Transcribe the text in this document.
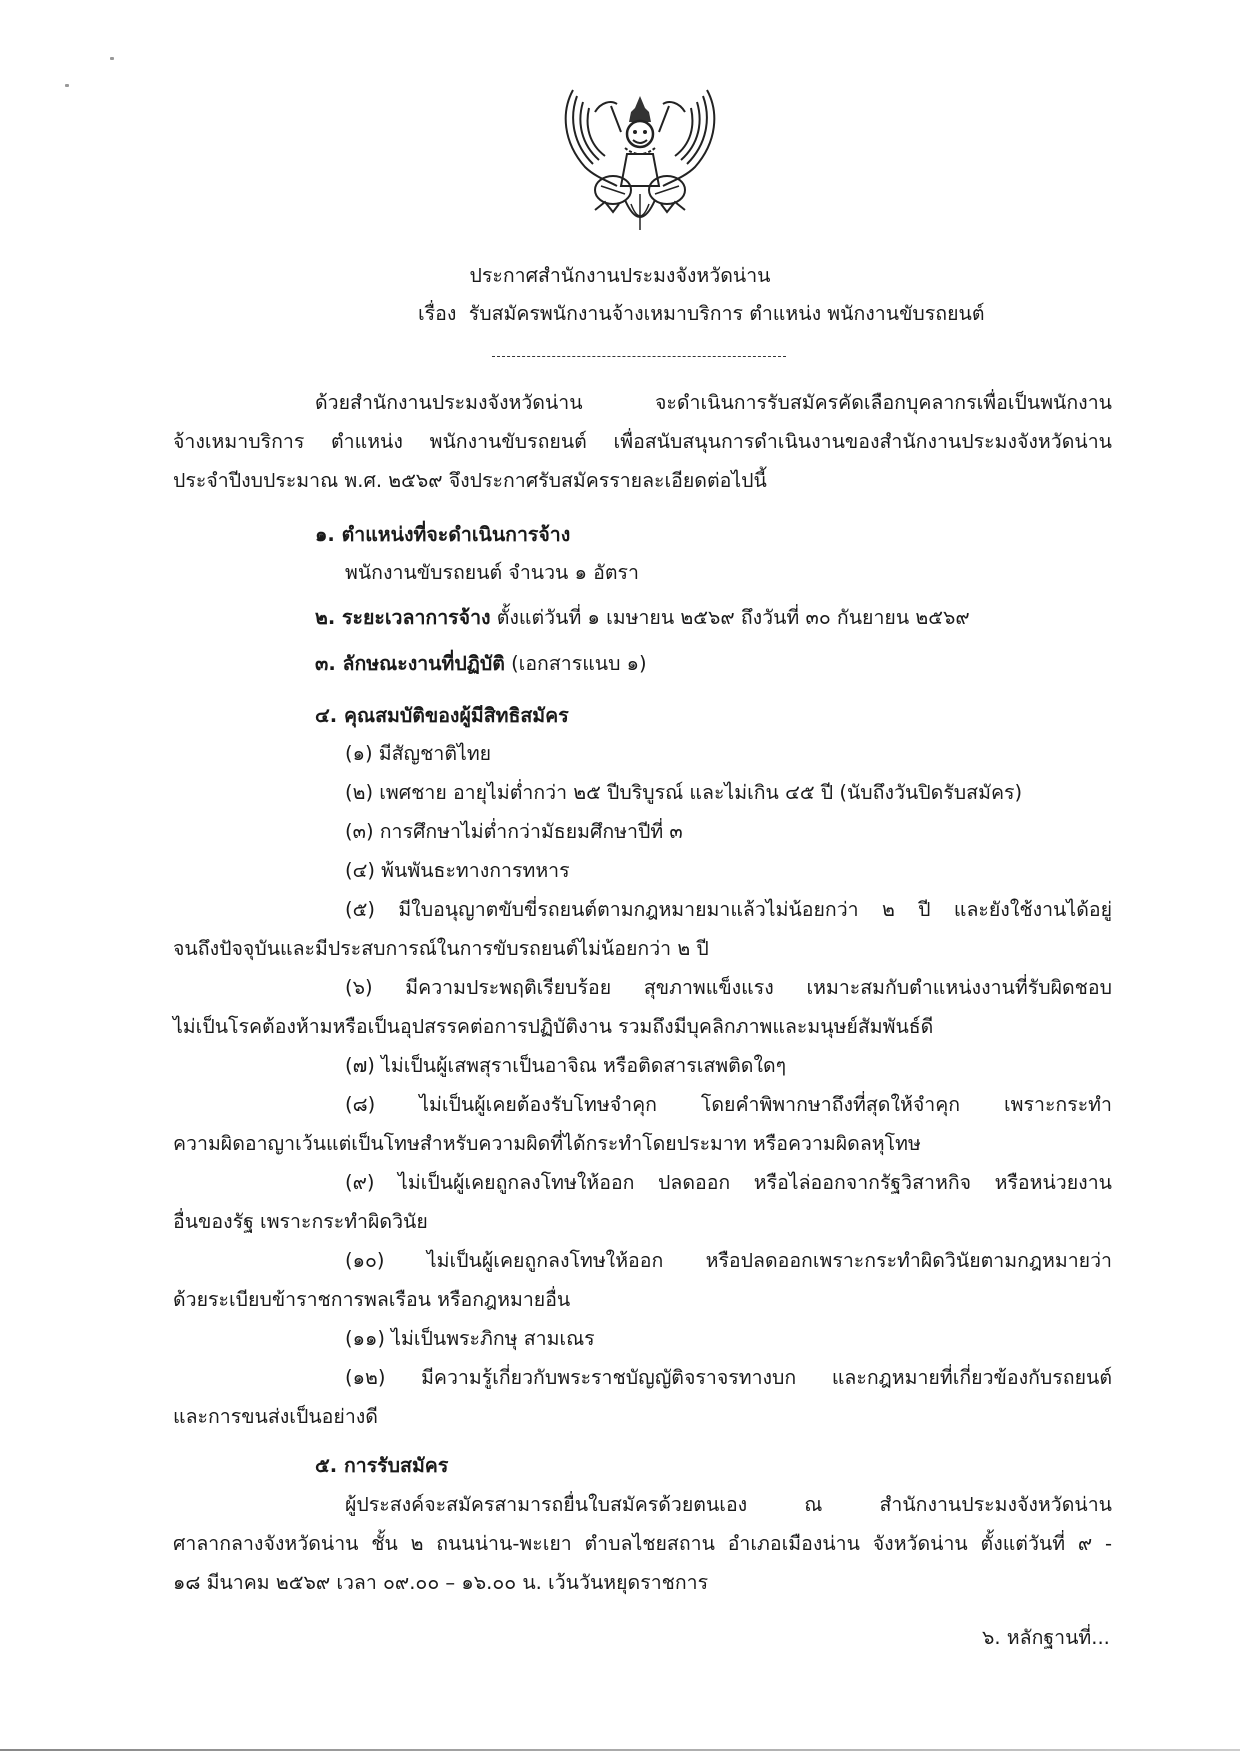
ประกาศสำนักงานประมงจังหวัดน่าน
เรื่อง รับสมัครพนักงานจ้างเหมาบริการ ตำแหน่ง พนักงานขับรถยนต์
ด้วยสำนักงานประมงจังหวัดน่าน จะดำเนินการรับสมัครคัดเลือกบุคลากรเพื่อเป็นพนักงาน
จ้างเหมาบริการ ตำแหน่ง พนักงานขับรถยนต์ เพื่อสนับสนุนการดำเนินงานของสำนักงานประมงจังหวัดน่าน
ประจำปีงบประมาณ พ.ศ. ๒๕๖๙ จึงประกาศรับสมัครรายละเอียดต่อไปนี้
๑. ตำแหน่งที่จะดำเนินการจ้าง
พนักงานขับรถยนต์ จำนวน ๑ อัตรา
๒. ระยะเวลาการจ้าง ตั้งแต่วันที่ ๑ เมษายน ๒๕๖๙ ถึงวันที่ ๓๐ กันยายน ๒๕๖๙
๓. ลักษณะงานที่ปฏิบัติ (เอกสารแนบ ๑)
๔. คุณสมบัติของผู้มีสิทธิสมัคร
(๑) มีสัญชาติไทย
(๒) เพศชาย อายุไม่ต่ำกว่า ๒๕ ปีบริบูรณ์ และไม่เกิน ๔๕ ปี (นับถึงวันปิดรับสมัคร)
(๓) การศึกษาไม่ต่ำกว่ามัธยมศึกษาปีที่ ๓
(๔) พ้นพันธะทางการทหาร
(๕) มีใบอนุญาตขับขี่รถยนต์ตามกฎหมายมาแล้วไม่น้อยกว่า ๒ ปี และยังใช้งานได้อยู่
จนถึงปัจจุบันและมีประสบการณ์ในการขับรถยนต์ไม่น้อยกว่า ๒ ปี
(๖) มีความประพฤติเรียบร้อย สุขภาพแข็งแรง เหมาะสมกับตำแหน่งงานที่รับผิดชอบ
ไม่เป็นโรคต้องห้ามหรือเป็นอุปสรรคต่อการปฏิบัติงาน รวมถึงมีบุคลิกภาพและมนุษย์สัมพันธ์ดี
(๗) ไม่เป็นผู้เสพสุราเป็นอาจิณ หรือติดสารเสพติดใดๆ
(๘) ไม่เป็นผู้เคยต้องรับโทษจำคุก โดยคำพิพากษาถึงที่สุดให้จำคุก เพราะกระทำ
ความผิดอาญาเว้นแต่เป็นโทษสำหรับความผิดที่ได้กระทำโดยประมาท หรือความผิดลหุโทษ
(๙) ไม่เป็นผู้เคยถูกลงโทษให้ออก ปลดออก หรือไล่ออกจากรัฐวิสาหกิจ หรือหน่วยงาน
อื่นของรัฐ เพราะกระทำผิดวินัย
(๑๐) ไม่เป็นผู้เคยถูกลงโทษให้ออก หรือปลดออกเพราะกระทำผิดวินัยตามกฎหมายว่า
ด้วยระเบียบข้าราชการพลเรือน หรือกฎหมายอื่น
(๑๑) ไม่เป็นพระภิกษุ สามเณร
(๑๒) มีความรู้เกี่ยวกับพระราชบัญญัติจราจรทางบก และกฎหมายที่เกี่ยวข้องกับรถยนต์
และการขนส่งเป็นอย่างดี
๕. การรับสมัคร
ผู้ประสงค์จะสมัครสามารถยื่นใบสมัครด้วยตนเอง ณ สำนักงานประมงจังหวัดน่าน
ศาลากลางจังหวัดน่าน ชั้น ๒ ถนนน่าน-พะเยา ตำบลไชยสถาน อำเภอเมืองน่าน จังหวัดน่าน ตั้งแต่วันที่ ๙ -
๑๘ มีนาคม ๒๕๖๙ เวลา ๐๙.๐๐ – ๑๖.๐๐ น. เว้นวันหยุดราชการ
๖. หลักฐานที่...
